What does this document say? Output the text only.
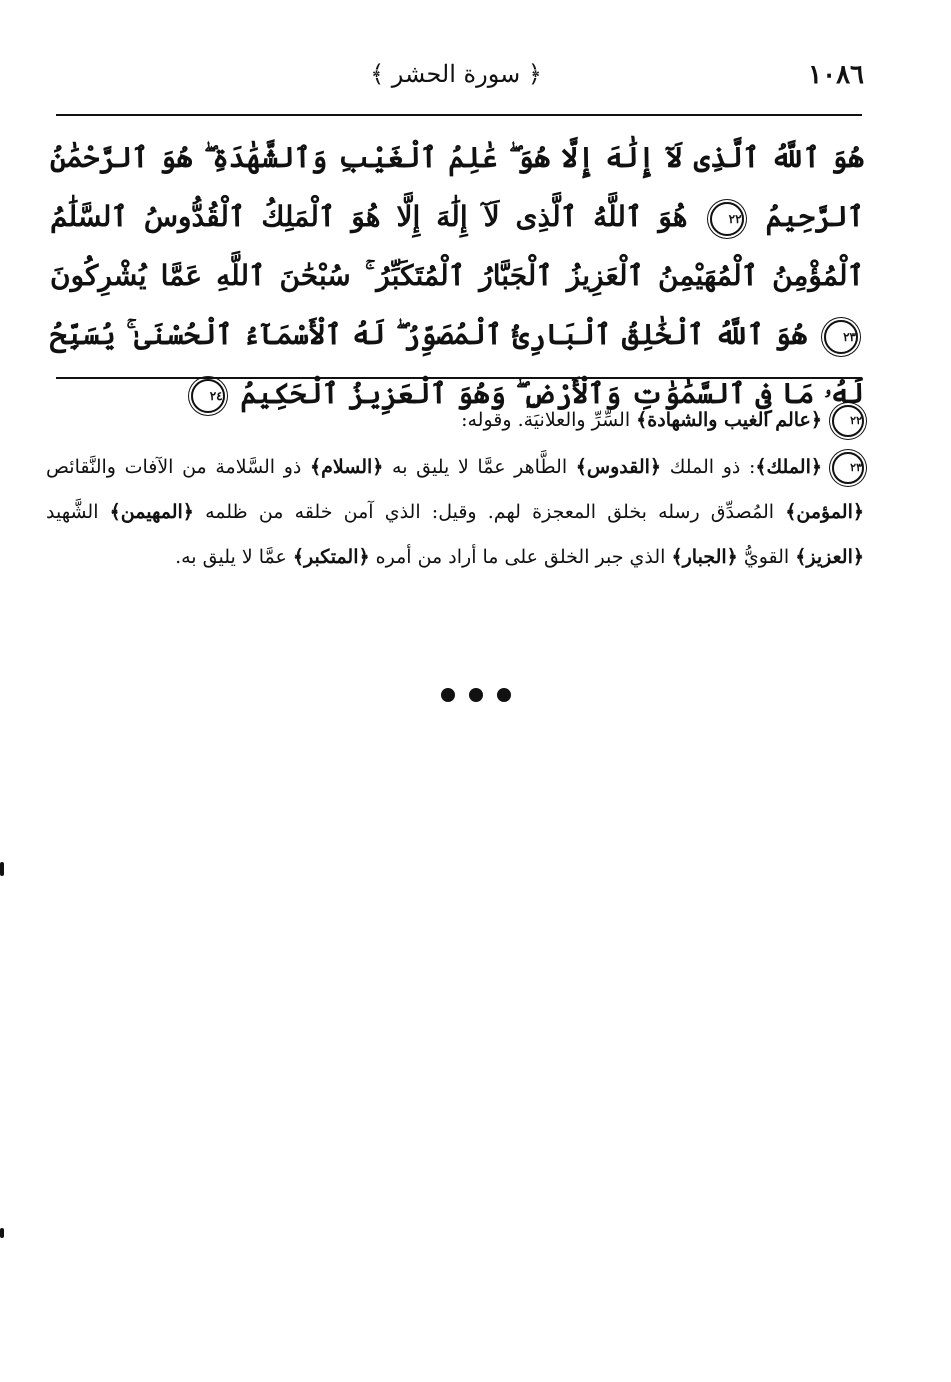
١٠٨٦
﴿ سورة الحشر ﴾
هُوَ ٱللَّهُ ٱلَّذِى لَآ إِلَٰهَ إِلَّا هُوَ ۖ عَٰلِمُ ٱلْغَيْبِ وَٱلشَّهَٰدَةِ ۖ هُوَ ٱلرَّحْمَٰنُ ٱلرَّحِيمُ ٢٢ هُوَ ٱللَّهُ ٱلَّذِى لَآ إِلَٰهَ إِلَّا هُوَ ٱلْمَلِكُ ٱلْقُدُّوسُ ٱلسَّلَٰمُ ٱلْمُؤْمِنُ ٱلْمُهَيْمِنُ ٱلْعَزِيزُ ٱلْجَبَّارُ ٱلْمُتَكَبِّرُ ۚ سُبْحَٰنَ ٱللَّهِ عَمَّا يُشْرِكُونَ ٢٣ هُوَ ٱللَّهُ ٱلْخَٰلِقُ ٱلْبَارِئُ ٱلْمُصَوِّرُ ۖ لَهُ ٱلْأَسْمَآءُ ٱلْحُسْنَىٰ ۚ يُسَبِّحُ لَهُۥ مَا فِى ٱلسَّمَٰوَٰتِ وَٱلْأَرْضِ ۖ وَهُوَ ٱلْعَزِيزُ ٱلْحَكِيمُ ٢٤

٢٢﴿عالم الغيب والشهادة﴾ السِّرِّ والعلانيَة. وقوله:

٢٣﴿الملك﴾: ذو الملك ﴿القدوس﴾ الطَّاهر عمَّا لا يليق به ﴿السلام﴾ ذو السَّلامة من الآفات والنَّقائص ﴿المؤمن﴾ المُصدِّق رسله بخلق المعجزة لهم. وقيل: الذي آمن خلقه من ظلمه ﴿المهيمن﴾ الشَّهيد ﴿العزيز﴾ القويُّ ﴿الجبار﴾ الذي جبر الخلق على ما أراد من أمره ﴿المتكبر﴾ عمَّا لا يليق به.
